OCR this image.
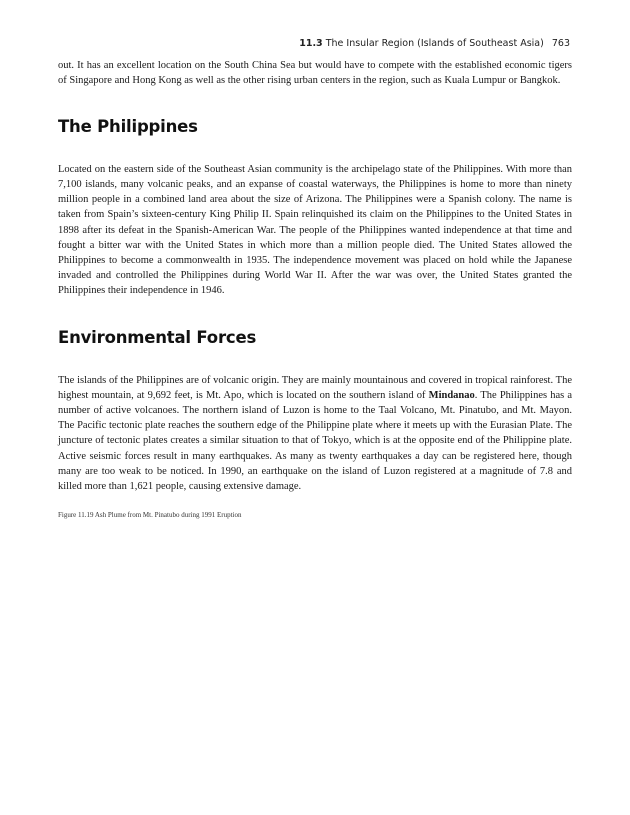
11.3 The Insular Region (Islands of Southeast Asia) 763

out. It has an excellent location on the South China Sea but would have to compete with the established economic tigers of Singapore and Hong Kong as well as the other rising urban centers in the region, such as Kuala Lumpur or Bangkok.

The Philippines

Located on the eastern side of the Southeast Asian community is the archipelago state of the Philippines. With more than 7,100 islands, many volcanic peaks, and an expanse of coastal waterways, the Philippines is home to more than ninety million people in a combined land area about the size of Arizona. The Philippines were a Spanish colony. The name is taken from Spain’s sixteen-century King Philip II. Spain relinquished its claim on the Philippines to the United States in 1898 after its defeat in the Spanish-American War. The people of the Philippines wanted independence at that time and fought a bitter war with the United States in which more than a million people died. The United States allowed the Philippines to become a commonwealth in 1935. The independence movement was placed on hold while the Japanese invaded and controlled the Philippines during World War II. After the war was over, the United States granted the Philippines their independence in 1946.

Environmental Forces

The islands of the Philippines are of volcanic origin. They are mainly mountainous and covered in tropical rainforest. The highest mountain, at 9,692 feet, is Mt. Apo, which is located on the southern island of Mindanao. The Philippines has a number of active volcanoes. The northern island of Luzon is home to the Taal Volcano, Mt. Pinatubo, and Mt. Mayon. The Pacific tectonic plate reaches the southern edge of the Philippine plate where it meets up with the Eurasian Plate. The juncture of tectonic plates creates a similar situation to that of Tokyo, which is at the opposite end of the Philippine plate. Active seismic forces result in many earthquakes. As many as twenty earthquakes a day can be registered here, though many are too weak to be noticed. In 1990, an earthquake on the island of Luzon registered at a magnitude of 7.8 and killed more than 1,621 people, causing extensive damage.

Figure 11.19 Ash Plume from Mt. Pinatubo during 1991 Eruption
